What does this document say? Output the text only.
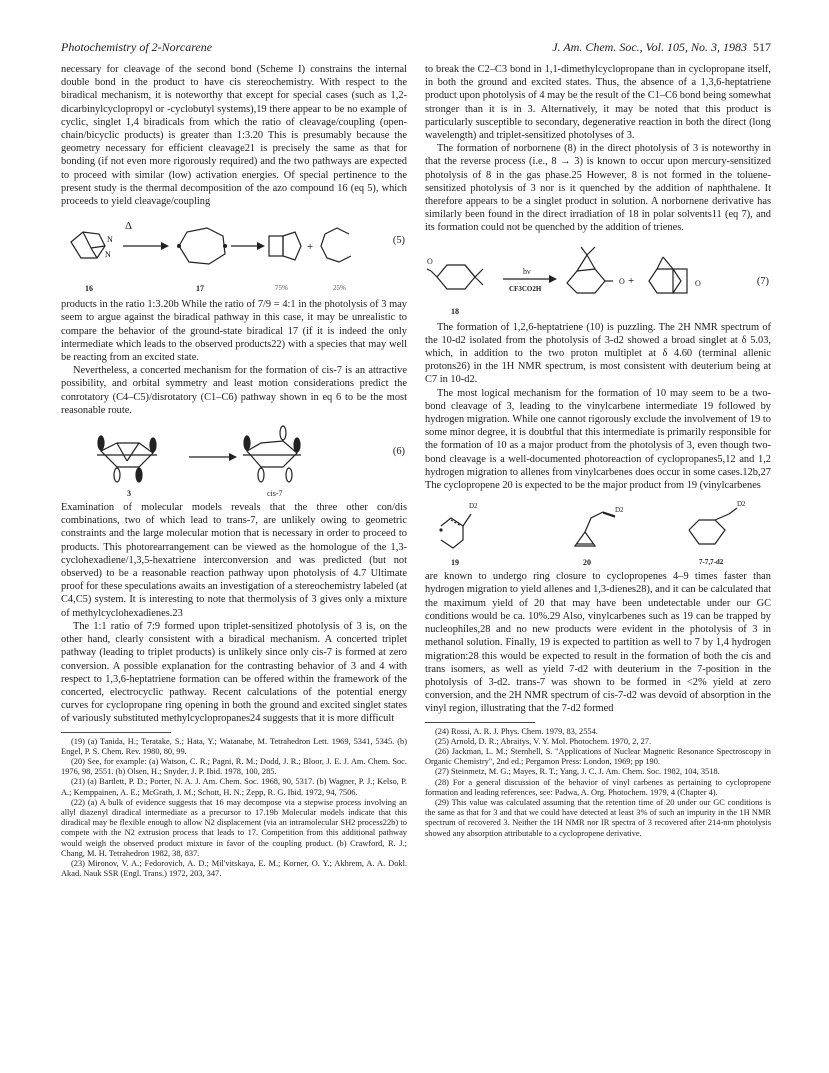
Photochemistry of 2-Norcarene	J. Am. Chem. Soc., Vol. 105, No. 3, 1983 517

necessary for cleavage of the second bond (Scheme I) constrains the internal double bond in the product to have cis stereochemistry. With respect to the biradical mechanism, it is noteworthy that except for special cases (such as 1,2-dicarbinylcyclopropyl or -cyclobutyl systems),19 there appear to be no example of cyclic, singlet 1,4 biradicals from which the ratio of cleavage/coupling (open-chain/bicyclic products) is greater than 1:3.20 This is presumably because the geometry necessary for efficient cleavage21 is precisely the same as that for bonding (if not even more rigorously required) and the two pathways are expected to proceed with similar (low) activation energies. Of special pertinence to the present study is the thermal decomposition of the azo compound 16 (eq 5), which proceeds to yield cleavage/coupling

N
N
+
Δ
(5)
16	17	75%	25%

products in the ratio 1:3.20b While the ratio of 7/9 = 4:1 in the photolysis of 3 may seem to argue against the biradical pathway in this case, it may be unrealistic to compare the behavior of the ground-state biradical 17 (if it is indeed the only intermediate which leads to the observed products22) with a species that may well be reacting from an excited state.

Nevertheless, a concerted mechanism for the formation of cis-7 is an attractive possibility, and orbital symmetry and least motion considerations predict the conrotatory (C4–C5)/disrotatory (C1–C6) pathway shown in eq 6 to be the most reasonable route.

(6)
3	cis-7

Examination of molecular models reveals that the three other con/dis combinations, two of which lead to trans-7, are unlikely owing to geometric constraints and the large molecular motion that is necessary in order to proceed to products. This photorearrangement can be viewed as the homologue of the 1,3-cyclohexadiene/1,3,5-hexatriene interconversion and was predicted (but not observed) to be a reasonable reaction pathway upon photolysis of 4.7 Ultimate proof for these speculations awaits an investigation of a stereochemistry labeled (at C4,C5) system. It is interesting to note that thermolysis of 3 gives only a mixture of methylcyclohexadienes.23

The 1:1 ratio of 7:9 formed upon triplet-sensitized photolysis of 3 is, on the other hand, clearly consistent with a biradical mechanism. A concerted triplet pathway (leading to triplet products) is unlikely since only cis-7 is formed at zero conversion. A possible explanation for the contrasting behavior of 3 and 4 with respect to 1,3,6-heptatriene formation can be offered within the framework of the concerted, electrocyclic pathway. Recent calculations of the potential energy curves for cyclopropane ring opening in both the ground and excited singlet states of variously substituted methylcyclopropanes24 suggests that it is more difficult

(19) (a) Tanida, H.; Teratake, S.; Hata, Y.; Watanabe, M. Tetrahedron Lett. 1969, 5341, 5345. (b) Engel, P. S. Chem. Rev. 1980, 80, 99.

(20) See, for example: (a) Watson, C. R.; Pagni, R. M.; Dodd, J. R.; Bloor, J. E. J. Am. Chem. Soc. 1976, 98, 2551. (b) Olsen, H.; Snyder, J. P. Ibid. 1978, 100, 285.

(21) (a) Bartlett, P. D.; Porter, N. A. J. Am. Chem. Soc. 1968, 90, 5317. (b) Wagner, P. J.; Kelso, P. A.; Kemppainen, A. E.; McGrath, J. M.; Schott, H. N.; Zepp, R. G. Ibid. 1972, 94, 7506.

(22) (a) A bulk of evidence suggests that 16 may decompose via a stepwise process involving an allyl diazenyl diradical intermediate as a precursor to 17.19b Molecular models indicate that this diradical may be flexible enough to allow N2 displacement (via an intramolecular SH2 process22b) to compete with the N2 extrusion process that leads to 17. Competition from this additional pathway would weigh the observed product mixture in favor of the coupling product. (b) Crawford, R. J.; Chang, M. H. Tetrahedron 1982, 38, 837.

(23) Mironov, V. A.; Fedorovich, A. D.; Mil'vitskaya, E. M.; Korner, O. Y.; Akhrem, A. A. Dokl. Akad. Nauk SSR (Engl. Trans.) 1972, 203, 347.

to break the C2–C3 bond in 1,1-dimethylcyclopropane than in cyclopropane itself, in both the ground and excited states. Thus, the absence of a 1,3,6-heptatriene product upon photolysis of 4 may be the result of the C1–C6 bond being somewhat stronger than it is in 3. Alternatively, it may be noted that this product is particularly susceptible to secondary, degenerative reaction in both the direct (long wavelength) and triplet-sensitized photolyses of 3.

The formation of norbornene (8) in the direct photolysis of 3 is noteworthy in that the reverse process (i.e., 8 → 3) is known to occur upon mercury-sensitized photolysis of 8 in the gas phase.25 However, 8 is not formed in the toluene-sensitized photolysis of 3 nor is it quenched by the addition of naphthalene. It therefore appears to be a singlet product in solution. A norbornene derivative has similarly been found in the direct irradiation of 18 in polar solvents11 (eq 7), and its formation could not be quenched by the addition of trienes.

+
O
O	O
hν
CF3CO2H
(7)
18

The formation of 1,2,6-heptatriene (10) is puzzling. The 2H NMR spectrum of the 10-d2 isolated from the photolysis of 3-d2 showed a broad singlet at δ 5.03, which, in addition to the two proton multiplet at δ 4.60 (terminal allenic protons26) in the 1H NMR spectrum, is most consistent with deuterium being at C7 in 10-d2.

The most logical mechanism for the formation of 10 may seem to be a two-bond cleavage of 3, leading to the vinylcarbene intermediate 19 followed by hydrogen migration. While one cannot rigorously exclude the involvement of 19 to some minor degree, it is doubtful that this intermediate is primarily responsible for the formation of 10 as a major product from the photolysis of 3, even though two-bond cleavage is a well-documented photoreaction of cyclopropanes5,12 and 1,2 hydrogen migration to allenes from vinylcarbenes does occur in some cases.12b,27 The cyclopropene 20 is expected to be the major product from 19 (vinylcarbenes

D2	D2
D2
19	20	7-7,7-d2

are known to undergo ring closure to cyclopropenes 4–9 times faster than hydrogen migration to yield allenes and 1,3-dienes28), and it can be calculated that the maximum yield of 20 that may have been undetectable under our GC conditions would be ca. 10%.29 Also, vinylcarbenes such as 19 can be trapped by nucleophiles,28 and no new products were evident in the photolysis of 3 in methanol solution. Finally, 19 is expected to partition as well to 7 by 1,4 hydrogen migration:28 this would be expected to result in the formation of both the cis and trans isomers, as well as yield 7-d2 with deuterium in the 7-position in the photolysis of 3-d2. trans-7 was shown to be formed in <2% yield at zero conversion, and the 2H NMR spectrum of cis-7-d2 was devoid of absorption in the vinyl region, illustrating that the 7-d2 formed

(24) Rossi, A. R. J. Phys. Chem. 1979, 83, 2554.

(25) Arnold, D. R.; Abraitys, V. Y. Mol. Photochem. 1970, 2, 27.

(26) Jackman, L. M.; Sternhell, S. "Applications of Nuclear Magnetic Resonance Spectroscopy in Organic Chemistry", 2nd ed.; Pergamon Press: London, 1969; pp 190.

(27) Steinmetz, M. G.; Mayes, R. T.; Yang, J. C. J. Am. Chem. Soc. 1982, 104, 3518.

(28) For a general discussion of the behavior of vinyl carbenes as pertaining to cyclopropene formation and leading references, see: Padwa, A. Org. Photochem. 1979, 4 (Chapter 4).

(29) This value was calculated assuming that the retention time of 20 under our GC conditions is the same as that for 3 and that we could have detected at least 3% of such an impurity in the 1H NMR spectrum of recovered 3. Neither the 1H NMR nor IR spectra of 3 recovered after 214-nm photolysis showed any absorption attributable to a cyclopropene derivative.
